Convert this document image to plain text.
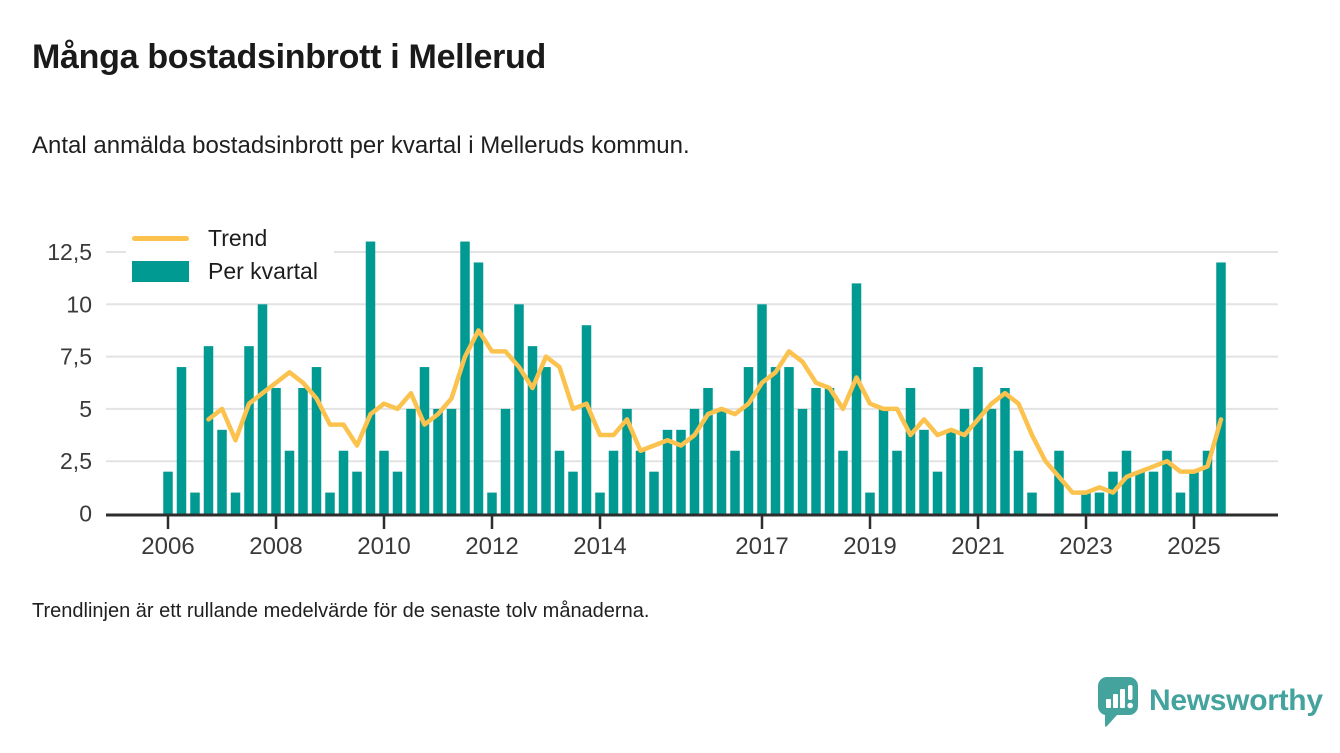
Många bostadsinbrott i Mellerud

Antal anmälda bostadsinbrott per kvartal i Melleruds kommun.

2006 2008 2010 2012 2014	2017 2019 2021 2023 2025
0
2,5
5
7,5
10
12,5
Trend
Per kvartal

Trendlinjen är ett rullande medelvärde för de senaste tolv månaderna.

Newsworthy
